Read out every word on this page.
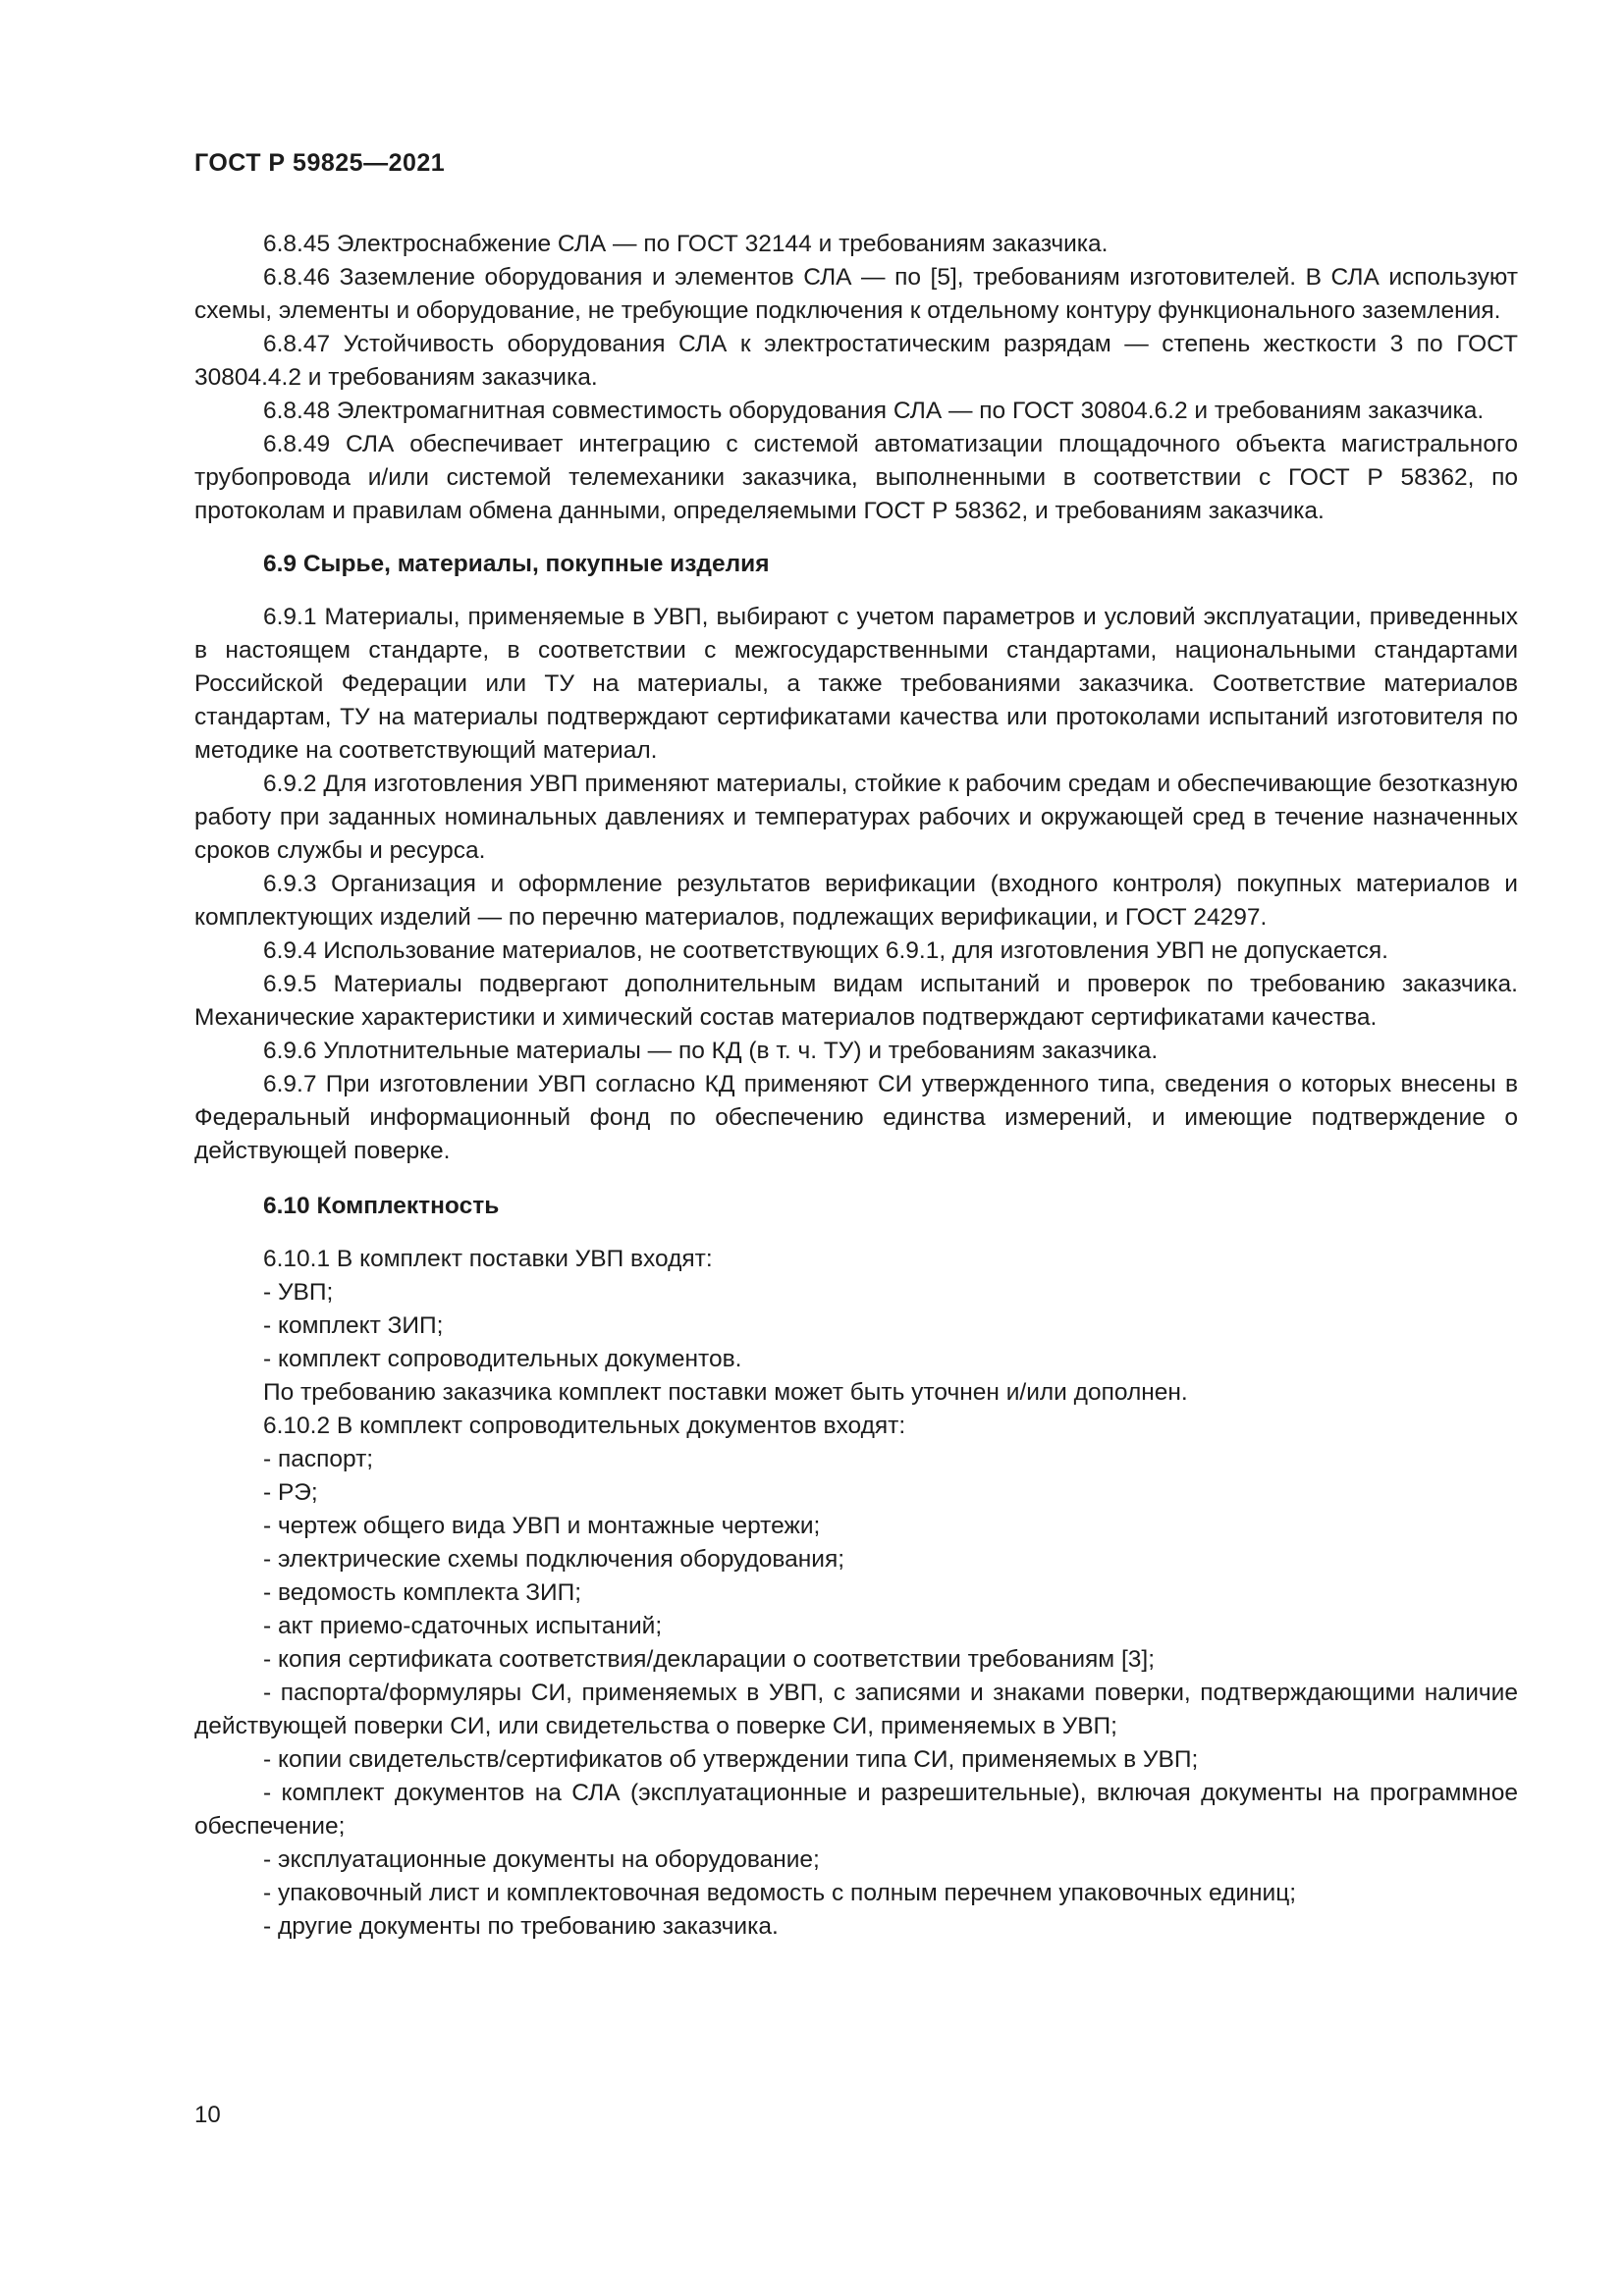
ГОСТ Р 59825—2021

6.8.45 Электроснабжение СЛА — по ГОСТ 32144 и требованиям заказчика.

6.8.46 Заземление оборудования и элементов СЛА — по [5], требованиям изготовителей. В СЛА используют схемы, элементы и оборудование, не требующие подключения к отдельному контуру функционального заземления.

6.8.47 Устойчивость оборудования СЛА к электростатическим разрядам — степень жесткости 3 по ГОСТ 30804.4.2 и требованиям заказчика.

6.8.48 Электромагнитная совместимость оборудования СЛА — по ГОСТ 30804.6.2 и требованиям заказчика.

6.8.49 СЛА обеспечивает интеграцию с системой автоматизации площадочного объекта магистрального трубопровода и/или системой телемеханики заказчика, выполненными в соответствии с ГОСТ Р 58362, по протоколам и правилам обмена данными, определяемыми ГОСТ Р 58362, и требованиям заказчика.

6.9 Сырье, материалы, покупные изделия

6.9.1 Материалы, применяемые в УВП, выбирают с учетом параметров и условий эксплуатации, приведенных в настоящем стандарте, в соответствии с межгосударственными стандартами, национальными стандартами Российской Федерации или ТУ на материалы, а также требованиями заказчика. Соответствие материалов стандартам, ТУ на материалы подтверждают сертификатами качества или протоколами испытаний изготовителя по методике на соответствующий материал.

6.9.2 Для изготовления УВП применяют материалы, стойкие к рабочим средам и обеспечивающие безотказную работу при заданных номинальных давлениях и температурах рабочих и окружающей сред в течение назначенных сроков службы и ресурса.

6.9.3 Организация и оформление результатов верификации (входного контроля) покупных материалов и комплектующих изделий — по перечню материалов, подлежащих верификации, и ГОСТ 24297.

6.9.4 Использование материалов, не соответствующих 6.9.1, для изготовления УВП не допускается.

6.9.5 Материалы подвергают дополнительным видам испытаний и проверок по требованию заказчика. Механические характеристики и химический состав материалов подтверждают сертификатами качества.

6.9.6 Уплотнительные материалы — по КД (в т. ч. ТУ) и требованиям заказчика.

6.9.7 При изготовлении УВП согласно КД применяют СИ утвержденного типа, сведения о которых внесены в Федеральный информационный фонд по обеспечению единства измерений, и имеющие подтверждение о действующей поверке.

6.10 Комплектность

6.10.1 В комплект поставки УВП входят:

- УВП;

- комплект ЗИП;

- комплект сопроводительных документов.

По требованию заказчика комплект поставки может быть уточнен и/или дополнен.

6.10.2 В комплект сопроводительных документов входят:

- паспорт;

- РЭ;

- чертеж общего вида УВП и монтажные чертежи;

- электрические схемы подключения оборудования;

- ведомость комплекта ЗИП;

- акт приемо-сдаточных испытаний;

- копия сертификата соответствия/декларации о соответствии требованиям [3];

- паспорта/формуляры СИ, применяемых в УВП, с записями и знаками поверки, подтверждающими наличие действующей поверки СИ, или свидетельства о поверке СИ, применяемых в УВП;

- копии свидетельств/сертификатов об утверждении типа СИ, применяемых в УВП;

- комплект документов на СЛА (эксплуатационные и разрешительные), включая документы на программное обеспечение;

- эксплуатационные документы на оборудование;

- упаковочный лист и комплектовочная ведомость с полным перечнем упаковочных единиц;

- другие документы по требованию заказчика.

10
